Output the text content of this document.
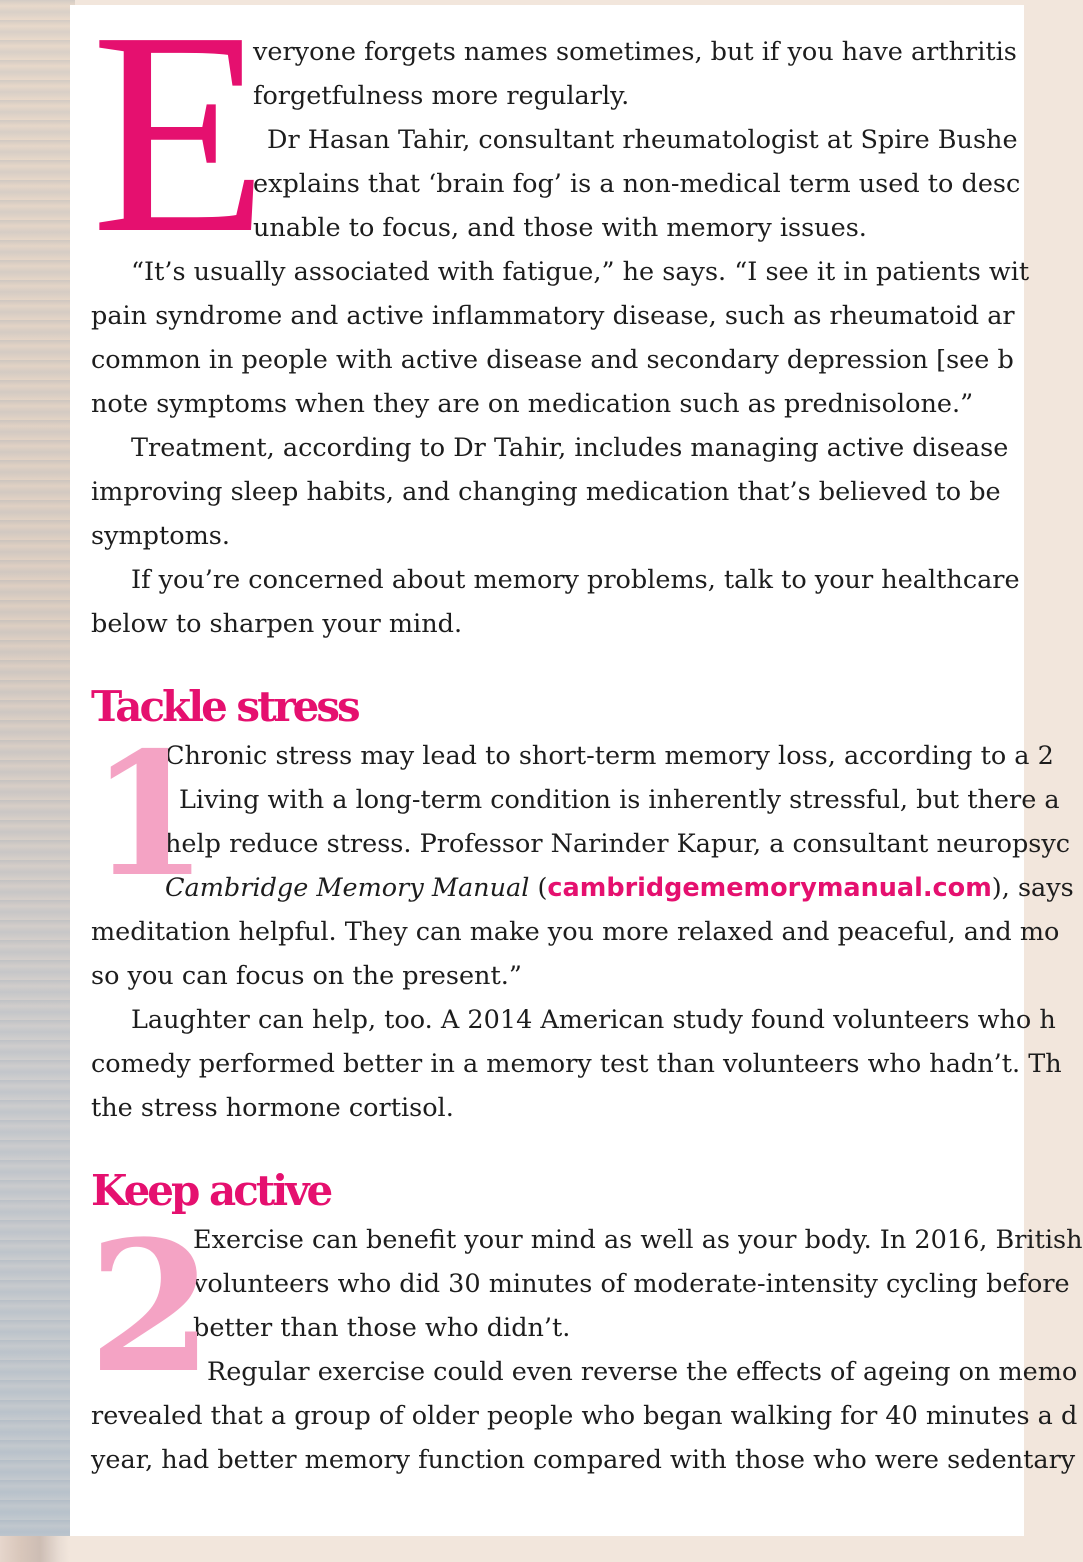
E
veryone forgets names sometimes, but if you have arthritis
forgetfulness more regularly.
Dr Hasan Tahir, consultant rheumatologist at Spire Bushe
explains that ‘brain fog’ is a non-medical term used to desc
unable to focus, and those with memory issues.
“It’s usually associated with fatigue,” he says. “I see it in patients wit
pain syndrome and active inflammatory disease, such as rheumatoid ar
common in people with active disease and secondary depression [see b
note symptoms when they are on medication such as prednisolone.”
Treatment, according to Dr Tahir, includes managing active disease
improving sleep habits, and changing medication that’s believed to be
symptoms.
If you’re concerned about memory problems, talk to your healthcare
below to sharpen your mind.
Chronic stress may lead to short-term memory loss, according to a 2
Living with a long-term condition is inherently stressful, but there a
help reduce stress. Professor Narinder Kapur, a consultant neuropsyc
Cambridge Memory Manual (cambridgememorymanual.com), says
meditation helpful. They can make you more relaxed and peaceful, and mo
so you can focus on the present.”
Laughter can help, too. A 2014 American study found volunteers who h
comedy performed better in a memory test than volunteers who hadn’t. Th
the stress hormone cortisol.
Exercise can benefit your mind as well as your body. In 2016, British
volunteers who did 30 minutes of moderate-intensity cycling before
better than those who didn’t.
Regular exercise could even reverse the effects of ageing on memo
revealed that a group of older people who began walking for 40 minutes a d
year, had better memory function compared with those who were sedentary
Tackle stress
Keep active

1
2
